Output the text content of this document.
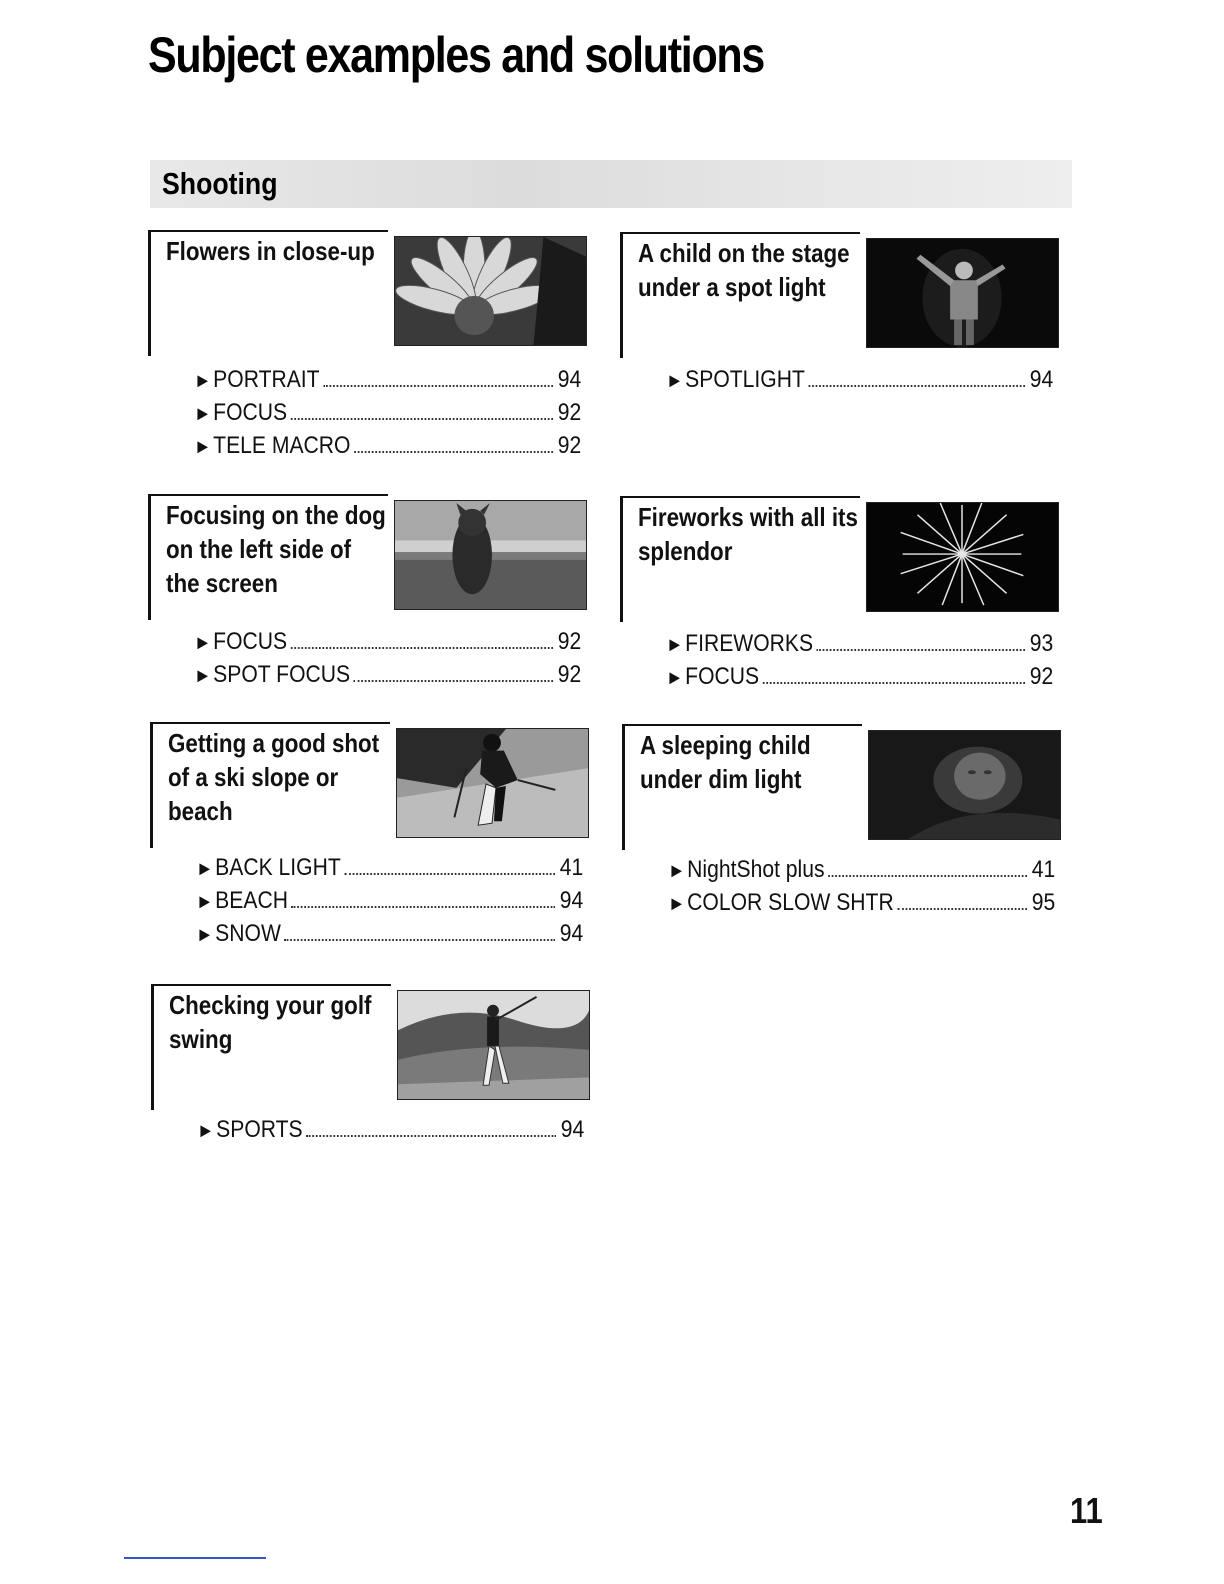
Subject examples and solutions
Shooting
Flowers in close-up
► PORTRAIT	94
► FOCUS	92
► TELE MACRO	92
A child on the stage under a spot light
► SPOTLIGHT	94
Focusing on the dog on the left side of the screen
► FOCUS	92
► SPOT FOCUS	92
Fireworks with all its splendor
► FIREWORKS	93
► FOCUS	92
Getting a good shot of a ski slope or beach
► BACK LIGHT	41
► BEACH	94
► SNOW	94
A sleeping child under dim light
► NightShot plus	41
► COLOR SLOW SHTR	95
Checking your golf swing
► SPORTS	94
11
